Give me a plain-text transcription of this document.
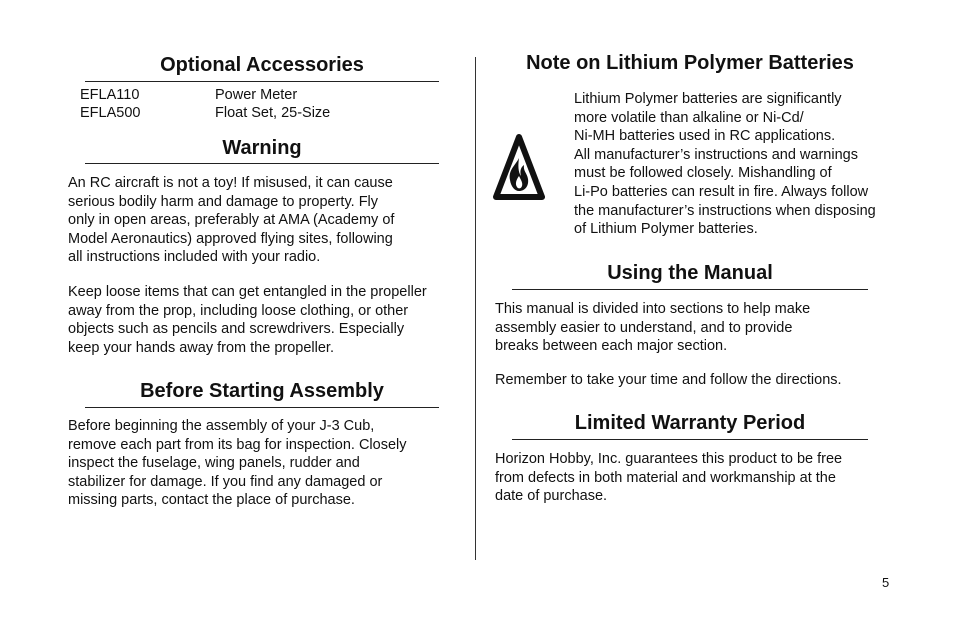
Optional Accessories
EFLA110	Power Meter
EFLA500	Float Set, 25-Size
Warning
An RC aircraft is not a toy! If misused, it can cause
serious bodily harm and damage to property. Fly
only in open areas, preferably at AMA (Academy of
Model Aeronautics) approved flying sites, following
all instructions included with your radio.
Keep loose items that can get entangled in the propeller
away from the prop, including loose clothing, or other
objects such as pencils and screwdrivers. Especially
keep your hands away from the propeller.
Before Starting Assembly
Before beginning the assembly of your J-3 Cub,
remove each part from its bag for inspection. Closely
inspect the fuselage, wing panels, rudder and
stabilizer for damage. If you find any damaged or
missing parts, contact the place of purchase.
Note on Lithium Polymer Batteries
Lithium Polymer batteries are significantly
more volatile than alkaline or Ni-Cd/
Ni-MH batteries used in RC applications.
All manufacturer’s instructions and warnings
must be followed closely. Mishandling of
Li-Po batteries can result in fire. Always follow
the manufacturer’s instructions when disposing
of Lithium Polymer batteries.
Using the Manual
This manual is divided into sections to help make
assembly easier to understand, and to provide
breaks between each major section.
Remember to take your time and follow the directions.
Limited Warranty Period
Horizon Hobby, Inc. guarantees this product to be free
from defects in both material and workmanship at the
date of purchase.
5
